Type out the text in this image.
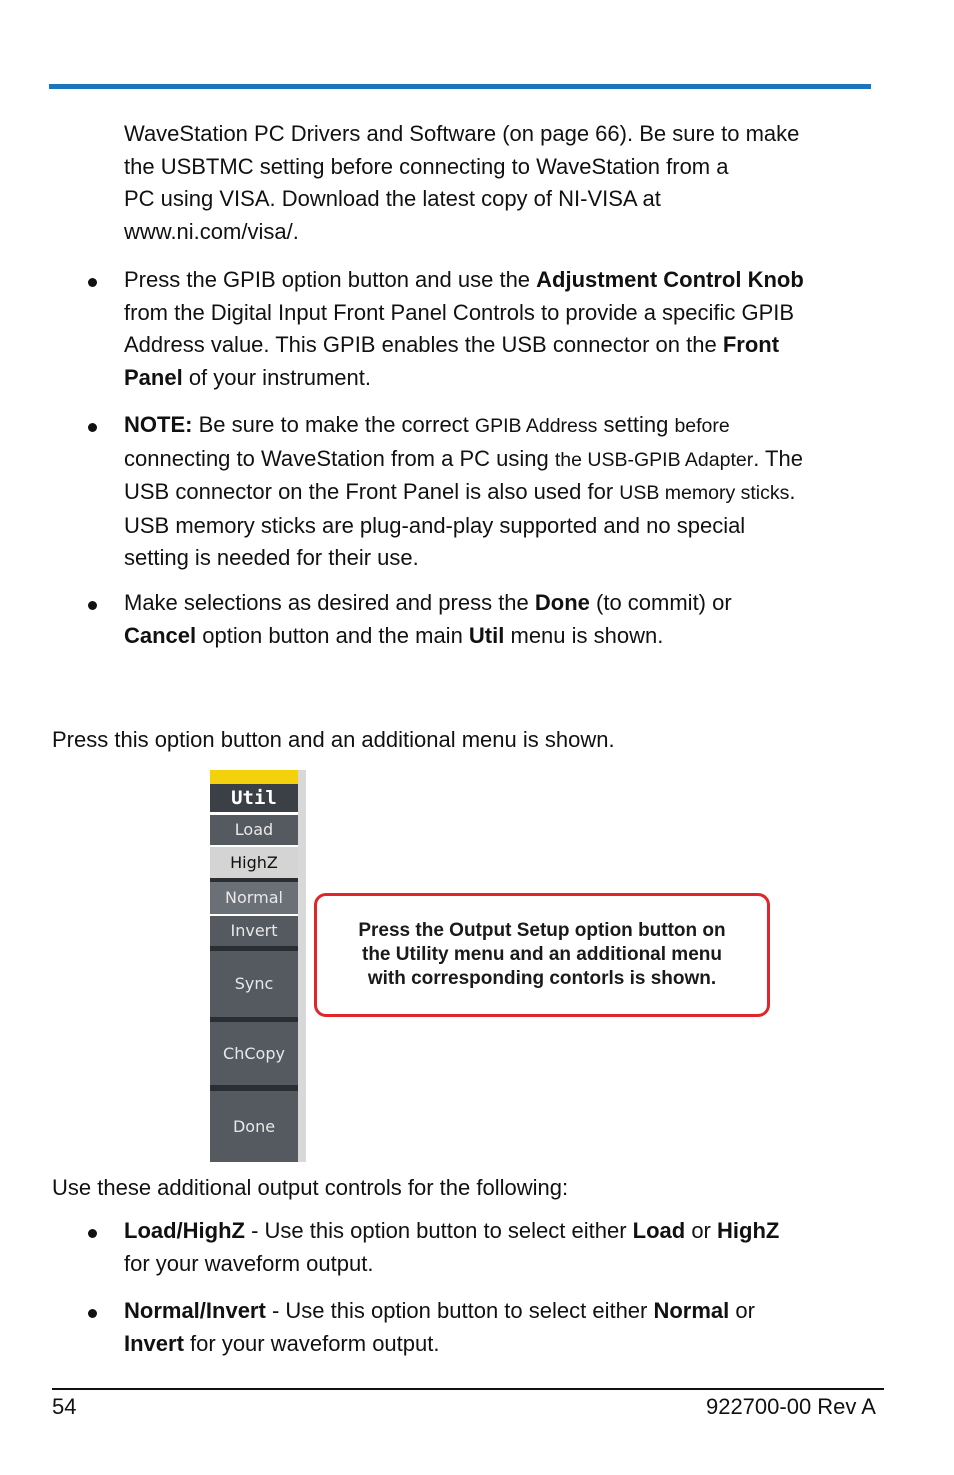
WaveStation PC Drivers and Software (on page 66). Be sure to make
the USBTMC setting before connecting to WaveStation from a
PC using VISA. Download the latest copy of NI-VISA at
www.ni.com/visa/.
Press the GPIB option button and use the Adjustment Control Knob
from the Digital Input Front Panel Controls to provide a specific GPIB
Address value. This GPIB enables the USB connector on the Front
Panel of your instrument.
NOTE: Be sure to make the correct GPIB Address setting before
connecting to WaveStation from a PC using the USB-GPIB Adapter. The
USB connector on the Front Panel is also used for USB memory sticks.
USB memory sticks are plug-and-play supported and no special
setting is needed for their use.
Make selections as desired and press the Done (to commit) or
Cancel option button and the main Util menu is shown.
Press this option button and an additional menu is shown.
Util
Load
HighZ
Normal
Invert
Sync
ChCopy
Done
Press the Output Setup option button on
the Utility menu and an additional menu
with corresponding contorls is shown.
Use these additional output controls for the following:
Load/HighZ - Use this option button to select either Load or HighZ
for your waveform output.
Normal/Invert - Use this option button to select either Normal or
Invert for your waveform output.
54	922700-00 Rev A
